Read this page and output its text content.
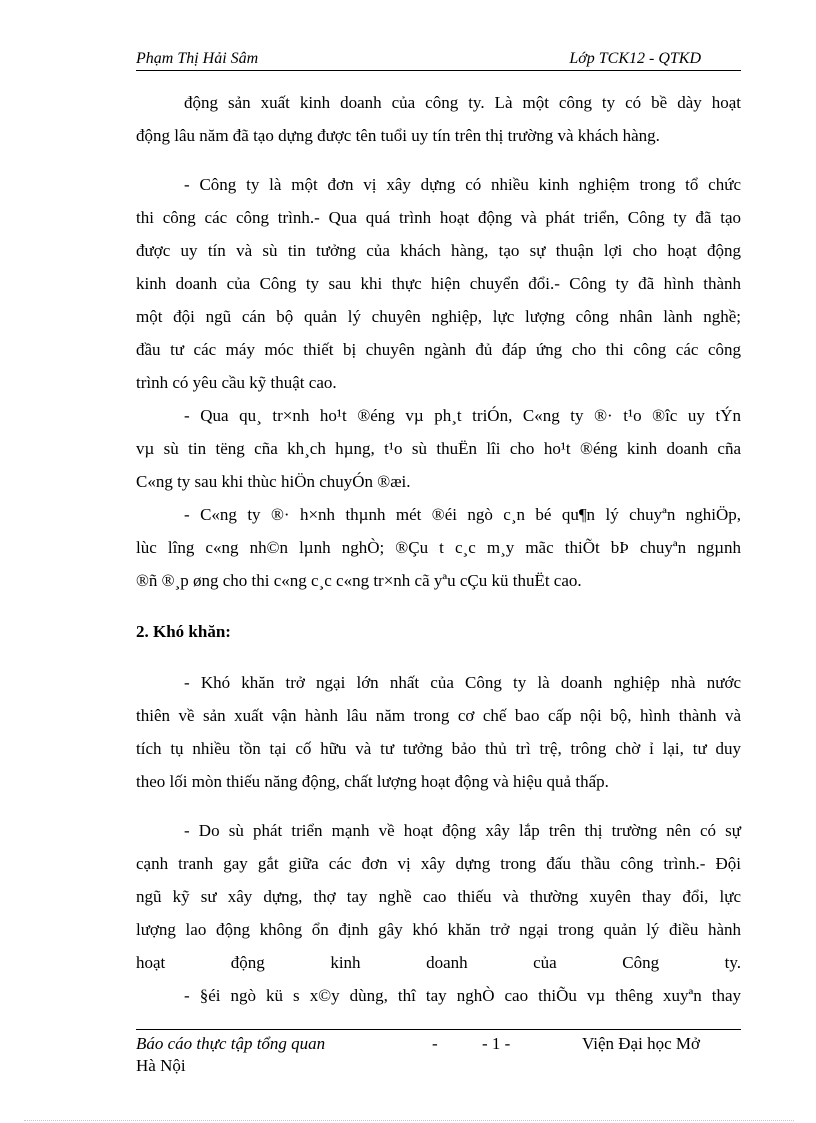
Phạm Thị Hải Sâm	Lớp TCK12 - QTKD
động sản xuất kinh doanh của công ty. Là một công ty có bề dày hoạt
động lâu năm đã tạo dựng được tên tuổi uy tín trên thị trường và khách hàng.
- Công ty là một đơn vị xây dựng có nhiều kinh nghiệm trong tổ chức
thi công các công trình.- Qua quá trình hoạt động và phát triển, Công ty đã tạo
được uy tín và sù tin tưởng của khách hàng, tạo sự thuận lợi cho hoạt động
kinh doanh của Công ty sau khi thực hiện chuyển đổi.- Công ty đã hình thành
một đội ngũ cán bộ quản lý chuyên nghiệp, lực lượng công nhân lành nghề;
đầu tư các máy móc thiết bị chuyên ngành đủ đáp ứng cho thi công các công
trình có yêu cầu kỹ thuật cao.
- Qua qu¸ tr×nh ho¹t ®éng vµ ph¸t triÓn, C«ng ty ®· t¹o ®îc uy tÝn
vµ sù tin tëng cña kh¸ch hµng, t¹o sù thuËn lîi cho ho¹t ®éng kinh doanh cña
C«ng ty sau khi thùc hiÖn chuyÓn ®æi.
- C«ng ty ®· h×nh thµnh mét ®éi ngò c¸n bé qu¶n lý chuyªn nghiÖp,
lùc lîng c«ng nh©n lµnh nghÒ; ®Çu t c¸c m¸y mãc thiÕt bÞ chuyªn ngµnh
®ñ ®¸p øng cho thi c«ng c¸c c«ng tr×nh cã yªu cÇu kü thuËt cao.
2. Khó khăn:
- Khó khăn trở ngại lớn nhất của Công ty là doanh nghiệp nhà nước
thiên về sản xuất vận hành lâu năm trong cơ chế bao cấp nội bộ, hình thành và
tích tụ nhiều tồn tại cố hữu và tư tưởng bảo thủ trì trệ, trông chờ ỉ lại, tư duy
theo lối mòn thiếu năng động, chất lượng hoạt động và hiệu quả thấp.
- Do sù phát triển mạnh về hoạt động xây lắp trên thị trường nên có sự
cạnh tranh gay gắt giữa các đơn vị xây dựng trong đấu thầu công trình.- Đội
ngũ kỹ sư xây dựng, thợ tay nghề cao thiếu và thường xuyên thay đổi, lực
lượng lao động không ổn định gây khó khăn trở ngại trong quản lý điều hành
hoạt động kinh doanh của Công ty.
- §éi ngò kü s x©y dùng, thî tay nghÒ cao thiÕu vµ thêng xuyªn thay
Báo cáo thực tập tổng quan	-	- 1 -	Viện Đại học Mở
Hà Nội
